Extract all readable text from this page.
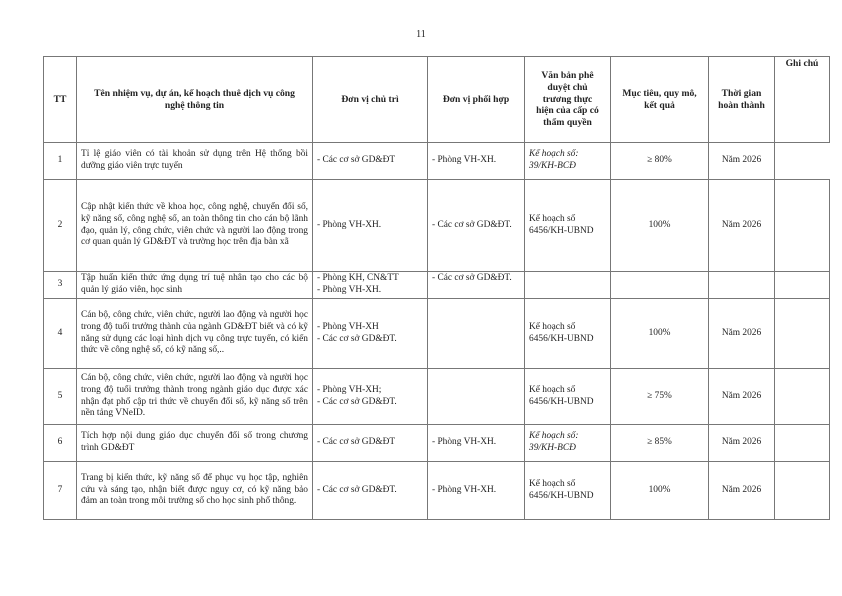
11
TT	Tên nhiệm vụ, dự án, kế hoạch thuê dịch vụ công nghệ thông tin	Đơn vị chủ trì	Đơn vị phối hợp	Văn bản phê duyệt chủ trương thực hiện của cấp có thẩm quyền	Mục tiêu, quy mô, kết quả	Thời gian hoàn thành	Ghi chú
1	Tỉ lệ giáo viên có tài khoản sử dụng trên Hệ thống bồi dưỡng giáo viên trực tuyến	- Các cơ sở GD&ĐT	- Phòng VH-XH.	Kế hoạch số: 39/KH-BCĐ	≥ 80%	Năm 2026	
2	Cập nhật kiến thức về khoa học, công nghệ, chuyển đổi số, kỹ năng số, công nghệ số, an toàn thông tin cho cán bộ lãnh đạo, quản lý, công chức, viên chức và người lao động trong cơ quan quản lý GD&ĐT và trường học trên địa bàn xã	- Phòng VH-XH.	- Các cơ sở GD&ĐT.	Kế hoạch số 6456/KH-UBND	100%	Năm 2026	
3	Tập huấn kiến thức ứng dụng trí tuệ nhân tạo cho các bộ quản lý giáo viên, học sinh	- Phòng KH, CN&TT
- Phòng VH-XH.	- Các cơ sở GD&ĐT.				

4	Cán bộ, công chức, viên chức, người lao động và người học trong độ tuổi trưởng thành của ngành GD&ĐT biết và có kỹ năng sử dụng các loại hình dịch vụ công trực tuyến, có kiến thức về công nghệ số, có kỹ năng số,..	- Phòng VH-XH
- Các cơ sở GD&ĐT.		Kế hoạch số 6456/KH-UBND	100%	Năm 2026	
5	Cán bộ, công chức, viên chức, người lao động và người học trong độ tuổi trưởng thành trong ngành giáo dục được xác nhận đạt phổ cập tri thức về chuyển đổi số, kỹ năng số trên nền tảng VNeID.	- Phòng VH-XH;
- Các cơ sở GD&ĐT.		Kế hoạch số 6456/KH-UBND	≥ 75%	Năm 2026	
6	Tích hợp nội dung giáo dục chuyển đổi số trong chương trình GD&ĐT	- Các cơ sở GD&ĐT	- Phòng VH-XH.	Kế hoạch số: 39/KH-BCĐ	≥ 85%	Năm 2026	
7	Trang bị kiến thức, kỹ năng số để phục vụ học tập, nghiên cứu và sáng tạo, nhận biết được nguy cơ, có kỹ năng bảo đảm an toàn trong môi trường số cho học sinh phổ thông.	- Các cơ sở GD&ĐT.	- Phòng VH-XH.	Kế hoạch số 6456/KH-UBND	100%	Năm 2026	
